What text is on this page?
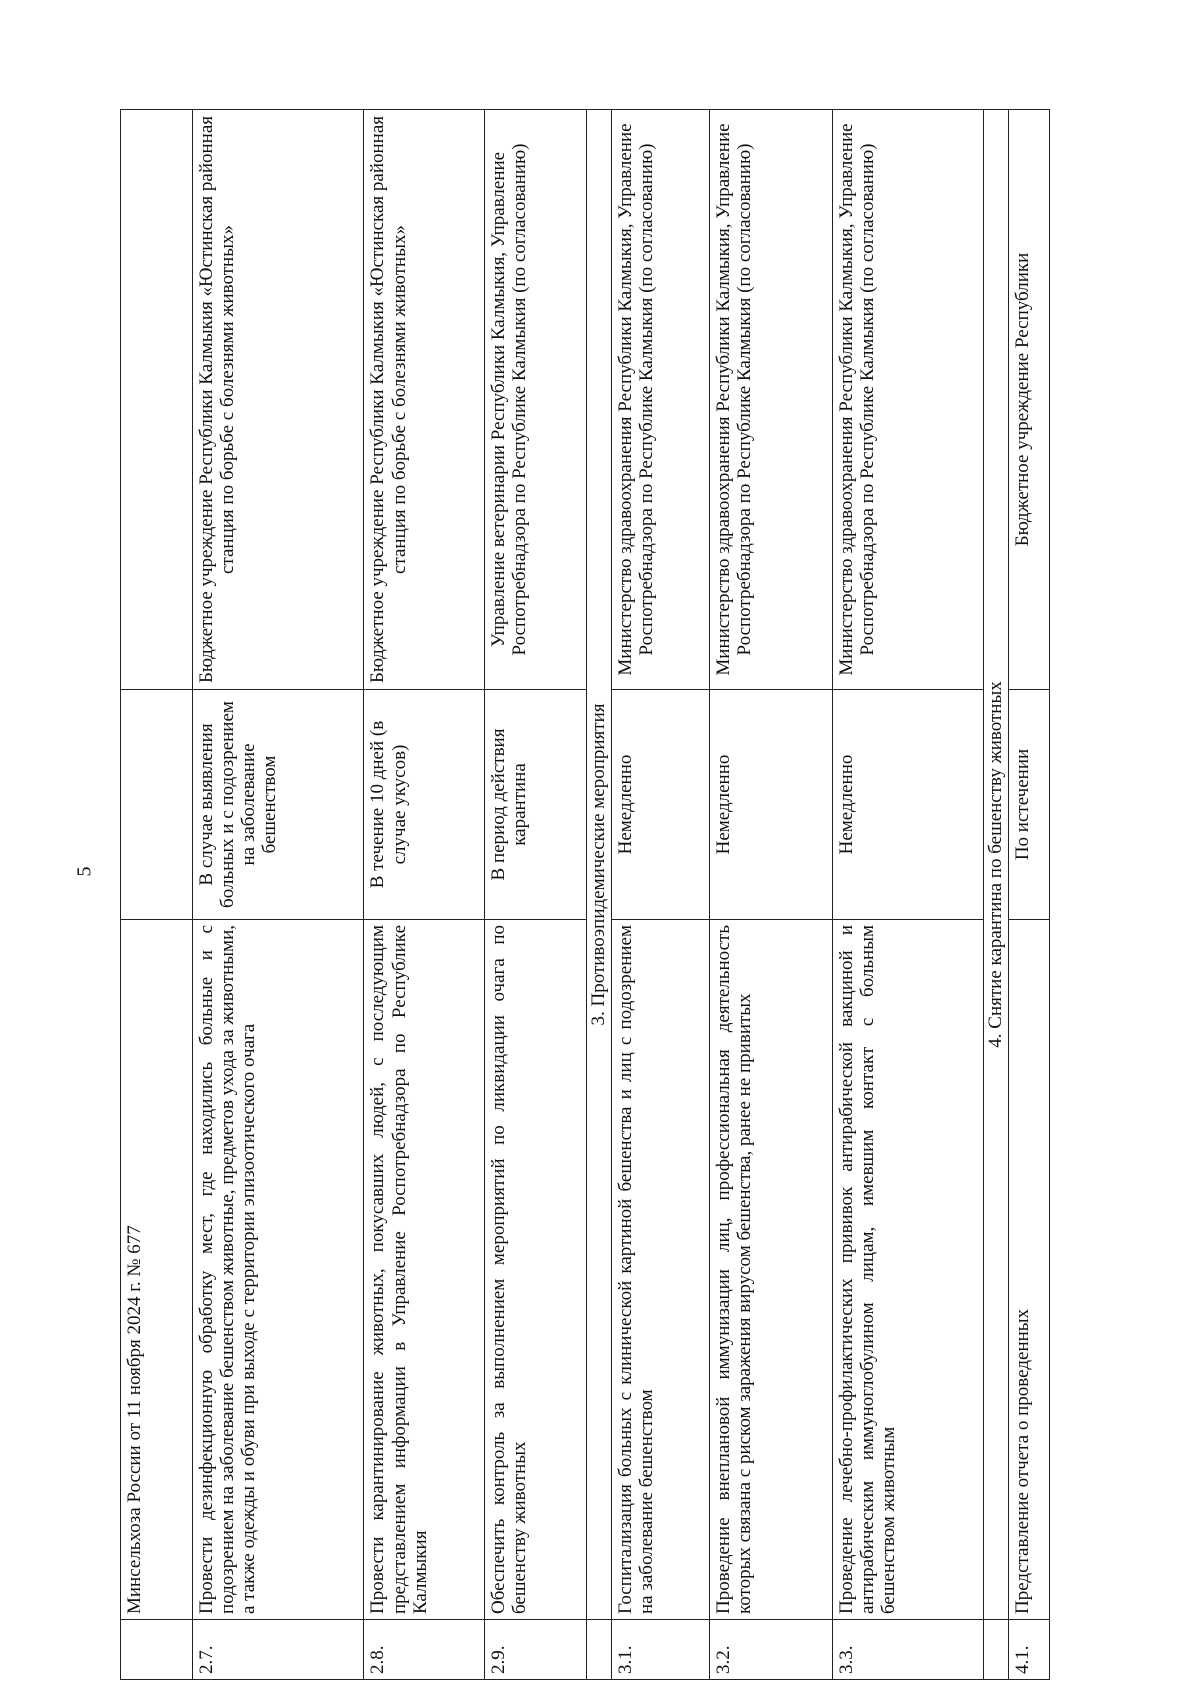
5
	Минсельхоза России от 11 ноября 2024 г. № 677		
2.7.	Провести дезинфекционную обработку мест, где находились больные и с подозрением на заболевание бешенством животные, предметов ухода за животными, а также одежды и обуви при выходе с территории эпизоотического очага	В случае выявления больных и с подозрением на заболевание бешенством	Бюджетное учреждение Республики Калмыкия «Юстинская районная станция по борьбе с болезнями животных»
2.8.	Провести карантинирование животных, покусавших людей, с последующим представлением информации в Управление Роспотребнадзора по Республике Калмыкия	В течение 10 дней (в случае укусов)	Бюджетное учреждение Республики Калмыкия «Юстинская районная станция по борьбе с болезнями животных»
2.9.	Обеспечить контроль за выполнением мероприятий по ликвидации очага по бешенству животных	В период действия карантина	Управление ветеринарии Республики Калмыкия, Управление Роспотребнадзора по Республике Калмыкия (по согласованию)
	3. Противоэпидемические мероприятия		
3.1.	Госпитализация больных с клинической картиной бешенства и лиц с подозрением на заболевание бешенством	Немедленно	Министерство здравоохранения Республики Калмыкия, Управление Роспотребнадзора по Республике Калмыкия (по согласованию)
3.2.	Проведение внеплановой иммунизации лиц, профессиональная деятельность которых связана с риском заражения вирусом бешенства, ранее не привитых	Немедленно	Министерство здравоохранения Республики Калмыкия, Управление Роспотребнадзора по Республике Калмыкия (по согласованию)
3.3.	Проведение лечебно-профилактических прививок антирабической вакциной и антирабическим иммуноглобулином лицам, имевшим контакт с больным бешенством животным	Немедленно	Министерство здравоохранения Республики Калмыкия, Управление Роспотребнадзора по Республике Калмыкия (по согласованию)
	4. Снятие карантина по бешенству животных		
4.1.	Представление отчета о проведенных	По истечении	Бюджетное учреждение Республики
